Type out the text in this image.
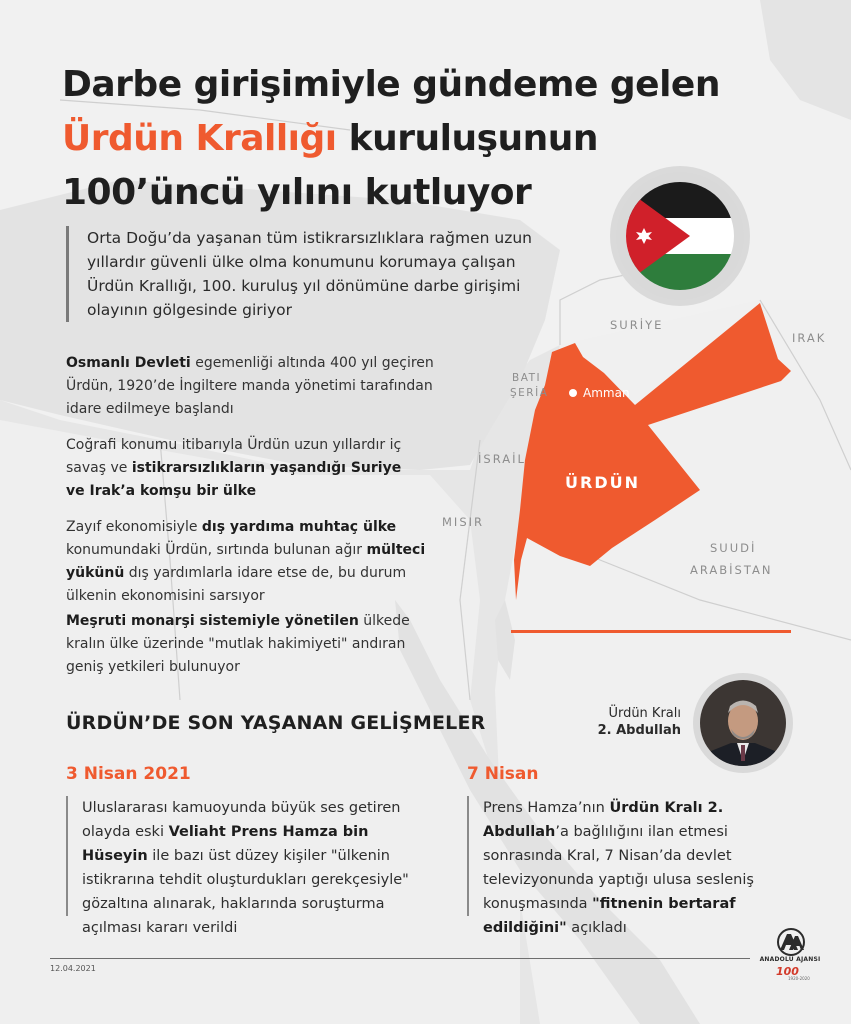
Darbe girişimiyle gündeme gelen
Ürdün Krallığı kuruluşunun
100’üncü yılını kutluyor
Orta Doğu’da yaşanan tüm istikrarsızlıklara rağmen uzun yıllardır güvenli ülke olma konumunu korumaya çalışan Ürdün Krallığı, 100. kuruluş yıl dönümüne darbe girişimi olayının gölgesinde giriyor
Osmanlı Devleti egemenliği altında 400 yıl geçiren Ürdün, 1920’de İngiltere manda yönetimi tarafından idare edilmeye başlandı
Coğrafi konumu itibarıyla Ürdün uzun yıllardır iç savaş ve istikrarsızlıkların yaşandığı Suriye ve Irak’a komşu bir ülke
Zayıf ekonomisiyle dış yardıma muhtaç ülke konumundaki Ürdün, sırtında bulunan ağır mülteci yükünü dış yardımlarla idare etse de, bu durum ülkenin ekonomisini sarsıyor
Meşruti monarşi sistemiyle yönetilen ülkede kralın ülke üzerinde "mutlak hakimiyeti" andıran geniş yetkileri bulunuyor
SURİYE
IRAK
BATI
ŞERİA
İSRAİL
MISIR
SUUDİ
ARABİSTAN
ÜRDÜN
Amman
Ürdün Kralı
2. Abdullah
ÜRDÜN’DE SON YAŞANAN GELİŞMELER
3 Nisan 2021
Uluslararası kamuoyunda büyük ses getiren olayda eski Veliaht Prens Hamza bin Hüseyin ile bazı üst düzey kişiler "ülkenin istikrarına tehdit oluşturdukları gerekçesiyle" gözaltına alınarak, haklarında soruşturma açılması kararı verildi
7 Nisan
Prens Hamza’nın Ürdün Kralı 2. Abdullah’a bağlılığını ilan etmesi sonrasında Kral, 7 Nisan’da devlet televizyonunda yaptığı ulusa sesleniş konuşmasında "fitnenin bertaraf edildiğini" açıkladı
12.04.2021
ANADOLU AJANSI
100
1920-2020
